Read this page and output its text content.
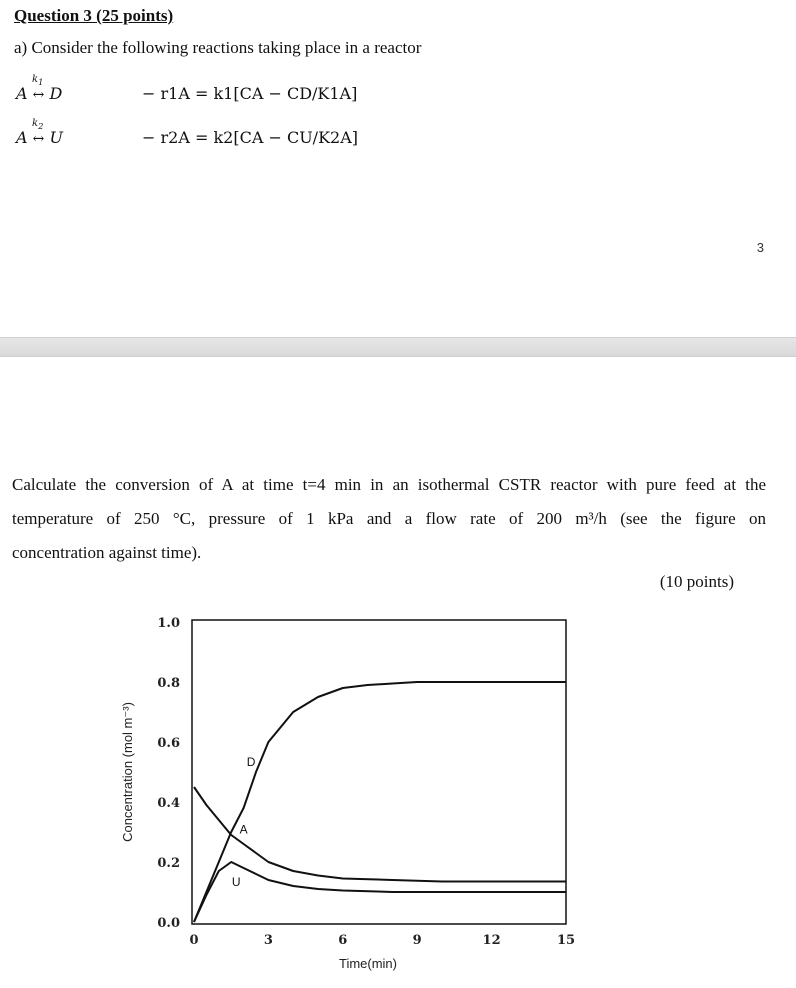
Question 3 (25 points)
a) Consider the following reactions taking place in a reactor
A
$k_1$
↔ D	− r1A = k1[CA − CD/K1A]
A
$k_2$
↔ U	− r2A = k2[CA − CU/K2A]
3
Calculate the conversion of A at time t=4 min in an isothermal CSTR reactor with pure feed at the
temperature of 250 °C, pressure of 1 kPa and a flow rate of 200 m³/h (see the figure on
concentration against time).
(10 points)
0.0
0.2
0.4
0.6
0.8
1.0
0	3	6	9	12	15
D
A
U
Time(min)
Concentration (mol m⁻³)
